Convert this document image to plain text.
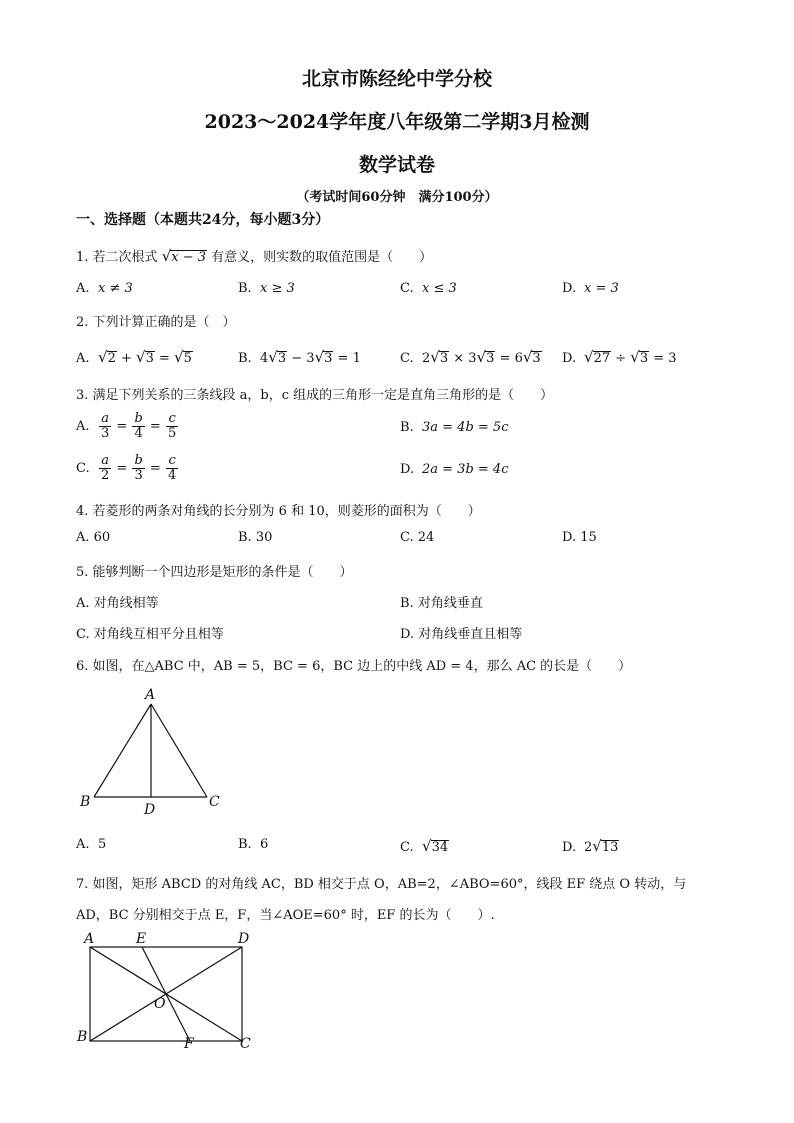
北京市陈经纶中学分校
2023～2024学年度八年级第二学期3月检测
数学试卷
（考试时间60分钟　满分100分）
一、选择题（本题共24分，每小题3分）
1. 若二次根式 √x − 3 有意义，则实数的取值范围是（　　）
A. x ≠ 3	B. x ≥ 3	C. x ≤ 3	D. x = 3
2. 下列计算正确的是（　）
A. √2 + √3 = √5	B. 4√3 − 3√3 = 1	C. 2√3 × 3√3 = 6√3 D. √27 ÷ √3 = 3
3. 满足下列关系的三条线段 a，b，c 组成的三角形一定是直角三角形的是（　　）
A. $\frac{a}{3} = \frac{b}{4} = \frac{c}{5}$	B. 3a = 4b = 5c
C. $\frac{a}{2} = \frac{b}{3} = \frac{c}{4}$	D. 2a = 3b = 4c
4. 若菱形的两条对角线的长分别为 6 和 10，则菱形的面积为（　　）
A. 60	B. 30	C. 24	D. 15
5. 能够判断一个四边形是矩形的条件是（　　）
A. 对角线相等	B. 对角线垂直
C. 对角线互相平分且相等	D. 对角线垂直且相等
6. 如图，在△ABC 中，AB = 5，BC = 6，BC 边上的中线 AD = 4，那么 AC 的长是（　　）
A
B	C
D
A. 5	B. 6	C. √34	D. 2√13
7. 如图，矩形 ABCD 的对角线 AC，BD 相交于点 O，AB=2，∠ABO=60°，线段 EF 绕点 O 转动，与
AD，BC 分别相交于点 E，F，当∠AOE=60° 时，EF 的长为（　　）.
A	E	D
O
B	F	C
